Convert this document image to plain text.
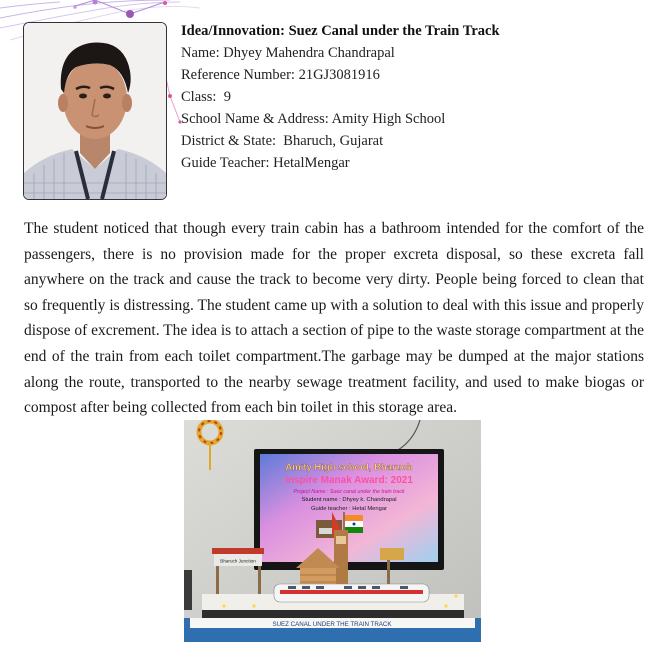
Idea/Innovation: Suez Canal under the Train Track
Name: Dhyey Mahendra Chandrapal
Reference Number: 21GJ3081916
Class: 9
School Name & Address: Amity High School
District & State: Bharuch, Gujarat
Guide Teacher: HetalMengar

The student noticed that though every train cabin has a bathroom intended for the comfort of the passengers, there is no provision made for the proper excreta disposal, so these excreta fall anywhere on the track and cause the track to become very dirty. People being forced to clean that so frequently is distressing. The student came up with a solution to deal with this issue and properly dispose of excrement. The idea is to attach a section of pipe to the waste storage compartment at the end of the train from each toilet compartment.The garbage may be dumped at the major stations along the route, transported to the nearby sewage treatment facility, and used to make biogas or compost after being collected from each bin toilet in this storage area.

Amity High school, Bharuch
Inspire Manak Award: 2021
Project Name : Suez canal under the train track
Student name : Dhyey k. Chandrapal
Guide teacher : Hetal Mengar
Bharuch Junction
SUEZ CANAL UNDER THE TRAIN TRACK
